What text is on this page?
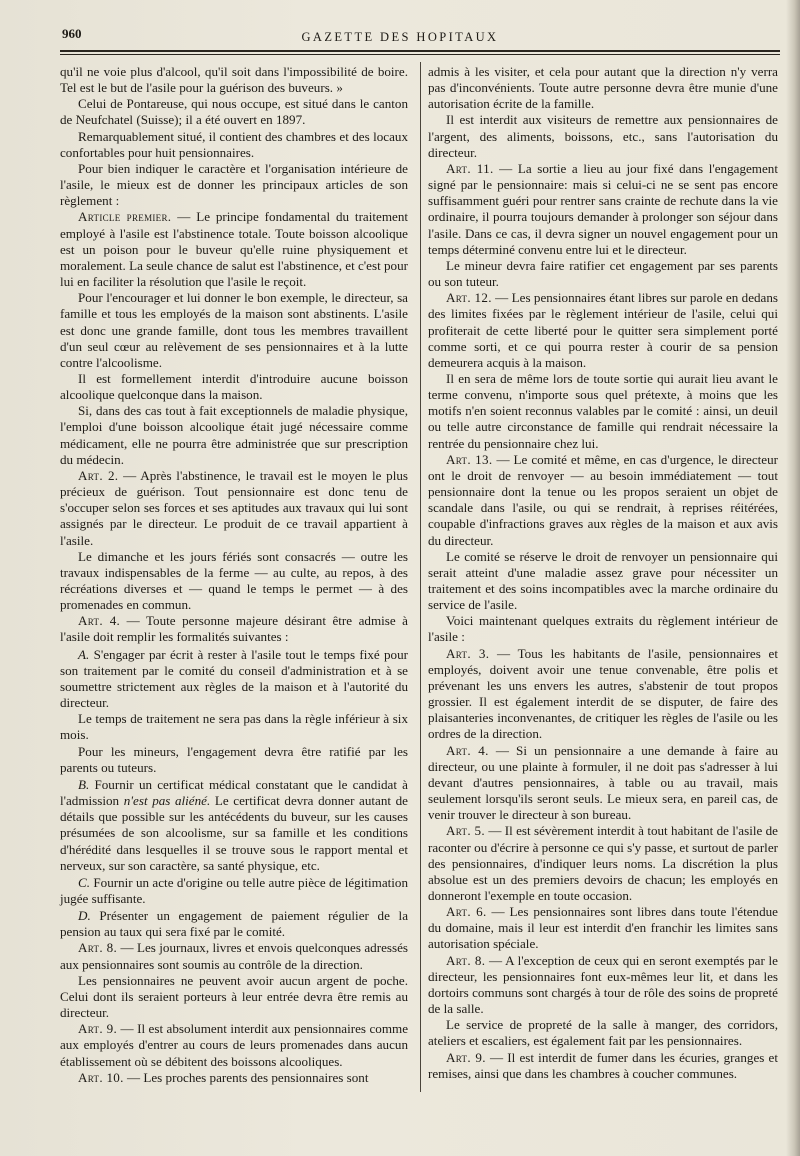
960	GAZETTE DES HOPITAUX

qu'il ne voie plus d'alcool, qu'il soit dans l'impossibilité de boire. Tel est le but de l'asile pour la guérison des buveurs. »

Celui de Pontareuse, qui nous occupe, est situé dans le canton de Neufchatel (Suisse); il a été ouvert en 1897.

Remarquablement situé, il contient des chambres et des locaux confortables pour huit pensionnaires.

Pour bien indiquer le caractère et l'organisation intérieure de l'asile, le mieux est de donner les principaux articles de son règlement :

Article premier. — Le principe fondamental du traitement employé à l'asile est l'abstinence totale. Toute boisson alcoolique est un poison pour le buveur qu'elle ruine physiquement et moralement. La seule chance de salut est l'abstinence, et c'est pour lui en faciliter la résolution que l'asile le reçoit.

Pour l'encourager et lui donner le bon exemple, le directeur, sa famille et tous les employés de la maison sont abstinents. L'asile est donc une grande famille, dont tous les membres travaillent d'un seul cœur au relèvement de ses pensionnaires et à la lutte contre l'alcoolisme.

Il est formellement interdit d'introduire aucune boisson alcoolique quelconque dans la maison.

Si, dans des cas tout à fait exceptionnels de maladie physique, l'emploi d'une boisson alcoolique était jugé nécessaire comme médicament, elle ne pourra être administrée que sur prescription du médecin.

Art. 2. — Après l'abstinence, le travail est le moyen le plus précieux de guérison. Tout pensionnaire est donc tenu de s'occuper selon ses forces et ses aptitudes aux travaux qui lui sont assignés par le directeur. Le produit de ce travail appartient à l'asile.

Le dimanche et les jours fériés sont consacrés — outre les travaux indispensables de la ferme — au culte, au repos, à des récréations diverses et — quand le temps le permet — à des promenades en commun.

Art. 4. — Toute personne majeure désirant être admise à l'asile doit remplir les formalités suivantes :

A. S'engager par écrit à rester à l'asile tout le temps fixé pour son traitement par le comité du conseil d'administration et à se soumettre strictement aux règles de la maison et à l'autorité du directeur.

Le temps de traitement ne sera pas dans la règle inférieur à six mois.

Pour les mineurs, l'engagement devra être ratifié par les parents ou tuteurs.

B. Fournir un certificat médical constatant que le candidat à l'admission n'est pas aliéné. Le certificat devra donner autant de détails que possible sur les antécédents du buveur, sur les causes présumées de son alcoolisme, sur sa famille et les conditions d'hérédité dans lesquelles il se trouve sous le rapport mental et nerveux, sur son caractère, sa santé physique, etc.

C. Fournir un acte d'origine ou telle autre pièce de légitimation jugée suffisante.

D. Présenter un engagement de paiement régulier de la pension au taux qui sera fixé par le comité.

Art. 8. — Les journaux, livres et envois quelconques adressés aux pensionnaires sont soumis au contrôle de la direction.

Les pensionnaires ne peuvent avoir aucun argent de poche. Celui dont ils seraient porteurs à leur entrée devra être remis au directeur.

Art. 9. — Il est absolument interdit aux pensionnaires comme aux employés d'entrer au cours de leurs promenades dans aucun établissement où se débitent des boissons alcooliques.

Art. 10. — Les proches parents des pensionnaires sont

admis à les visiter, et cela pour autant que la direction n'y verra pas d'inconvénients. Toute autre personne devra être munie d'une autorisation écrite de la famille.

Il est interdit aux visiteurs de remettre aux pensionnaires de l'argent, des aliments, boissons, etc., sans l'autorisation du directeur.

Art. 11. — La sortie a lieu au jour fixé dans l'engagement signé par le pensionnaire: mais si celui-ci ne se sent pas encore suffisamment guéri pour rentrer sans crainte de rechute dans la vie ordinaire, il pourra toujours demander à prolonger son séjour dans l'asile. Dans ce cas, il devra signer un nouvel engagement pour un temps déterminé convenu entre lui et le directeur.

Le mineur devra faire ratifier cet engagement par ses parents ou son tuteur.

Art. 12. — Les pensionnaires étant libres sur parole en dedans des limites fixées par le règlement intérieur de l'asile, celui qui profiterait de cette liberté pour le quitter sera simplement porté comme sorti, et ce qui pourra rester à courir de sa pension demeurera acquis à la maison.

Il en sera de même lors de toute sortie qui aurait lieu avant le terme convenu, n'importe sous quel prétexte, à moins que les motifs n'en soient reconnus valables par le comité : ainsi, un deuil ou telle autre circonstance de famille qui rendrait nécessaire la rentrée du pensionnaire chez lui.

Art. 13. — Le comité et même, en cas d'urgence, le directeur ont le droit de renvoyer — au besoin immédiatement — tout pensionnaire dont la tenue ou les propos seraient un objet de scandale dans l'asile, ou qui se rendrait, à reprises réitérées, coupable d'infractions graves aux règles de la maison et aux avis du directeur.

Le comité se réserve le droit de renvoyer un pensionnaire qui serait atteint d'une maladie assez grave pour nécessiter un traitement et des soins incompatibles avec la marche ordinaire du service de l'asile.

Voici maintenant quelques extraits du règlement intérieur de l'asile :

Art. 3. — Tous les habitants de l'asile, pensionnaires et employés, doivent avoir une tenue convenable, être polis et prévenant les uns envers les autres, s'abstenir de tout propos grossier. Il est également interdit de se disputer, de faire des plaisanteries inconvenantes, de critiquer les règles de l'asile ou les ordres de la direction.

Art. 4. — Si un pensionnaire a une demande à faire au directeur, ou une plainte à formuler, il ne doit pas s'adresser à lui devant d'autres pensionnaires, à table ou au travail, mais seulement lorsqu'ils seront seuls. Le mieux sera, en pareil cas, de venir trouver le directeur à son bureau.

Art. 5. — Il est sévèrement interdit à tout habitant de l'asile de raconter ou d'écrire à personne ce qui s'y passe, et surtout de parler des pensionnaires, d'indiquer leurs noms. La discrétion la plus absolue est un des premiers devoirs de chacun; les employés en donneront l'exemple en toute occasion.

Art. 6. — Les pensionnaires sont libres dans toute l'étendue du domaine, mais il leur est interdit d'en franchir les limites sans autorisation spéciale.

Art. 8. — A l'exception de ceux qui en seront exemptés par le directeur, les pensionnaires font eux-mêmes leur lit, et dans les dortoirs communs sont chargés à tour de rôle des soins de propreté de la salle.

Le service de propreté de la salle à manger, des corridors, ateliers et escaliers, est également fait par les pensionnaires.

Art. 9. — Il est interdit de fumer dans les écuries, granges et remises, ainsi que dans les chambres à coucher communes.
